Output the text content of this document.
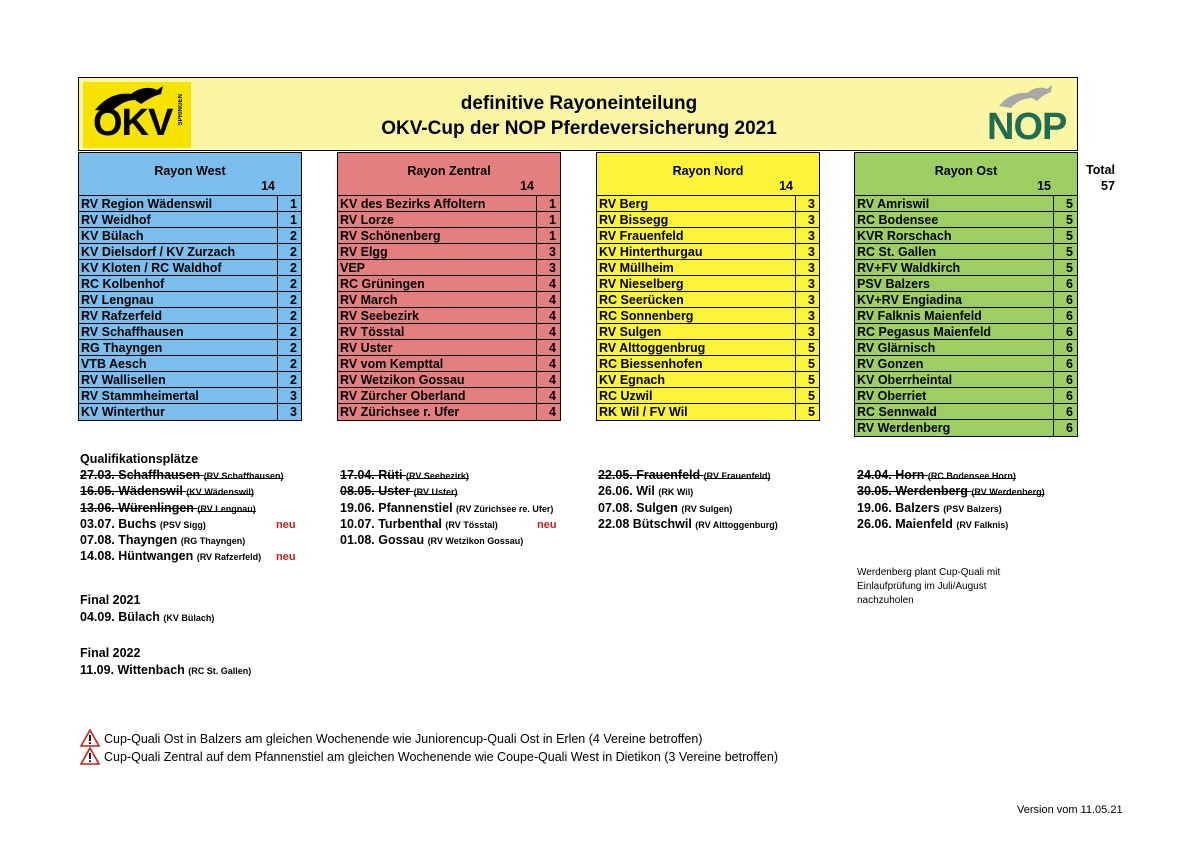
OKV SPRINGEN	definitive Rayoneinteilung
OKV-Cup der NOP Pferdeversicherung 2021	NOP
Rayon West
14
RV Region Wädenswil	1
RV Weidhof	1
KV Bülach	2
KV Dielsdorf / KV Zurzach	2
KV Kloten / RC Waldhof	2
RC Kolbenhof	2
RV Lengnau	2
RV Rafzerfeld	2
RV Schaffhausen	2
RG Thayngen	2
VTB Aesch	2
RV Wallisellen	2
RV Stammheimertal	3
KV Winterthur	3
Rayon Zentral
14
KV des Bezirks Affoltern	1
RV Lorze	1
RV Schönenberg	1
RV Elgg	3
VEP	3
RC Grüningen	4
RV March	4
RV Seebezirk	4
RV Tösstal	4
RV Uster	4
RV vom Kempttal	4
RV Wetzikon Gossau	4
RV Zürcher Oberland	4
RV Zürichsee r. Ufer	4
Rayon Nord
14
RV Berg	3
RV Bissegg	3
RV Frauenfeld	3
KV Hinterthurgau	3
RV Müllheim	3
RV Nieselberg	3
RC Seerücken	3
RC Sonnenberg	3
RV Sulgen	3
RV Alttoggenbrug	5
RC Biessenhofen	5
KV Egnach	5
RC Uzwil	5
RK Wil / FV Wil	5
Rayon Ost
15
RV Amriswil	5
RC Bodensee	5
KVR Rorschach	5
RC St. Gallen	5
RV+FV Waldkirch	5
PSV Balzers	6
KV+RV Engiadina	6
RV Falknis Maienfeld	6
RC Pegasus Maienfeld	6
RV Glärnisch	6
RV Gonzen	6
KV Oberrheintal	6
RV Oberriet	6
RC Sennwald	6
RV Werdenberg	6
Total
57
Qualifikationsplätze
27.03. Schaffhausen (RV Schaffhausen)
16.05. Wädenswil (KV Wädenswil)
13.06. Würenlingen (RV Lengnau)
03.07. Buchs (PSV Sigg)	neu
07.08. Thayngen (RG Thayngen)
14.08. Hüntwangen (RV Rafzerfeld) neu
17.04. Rüti (RV Seebezirk)
08.05. Uster (RV Uster)
19.06. Pfannenstiel (RV Zürichsee re. Ufer)
10.07. Turbenthal (RV Tösstal)	neu
01.08. Gossau (RV Wetzikon Gossau)
22.05. Frauenfeld (RV Frauenfeld)
26.06. Wil (RK Wil)
07.08. Sulgen (RV Sulgen)
22.08 Bütschwil (RV Alttoggenburg)
24.04. Horn (RC Bodensee Horn)
30.05. Werdenberg (RV Werdenberg)
19.06. Balzers (PSV Balzers)
26.06. Maienfeld (RV Falknis)
Werdenberg plant Cup-Quali mit
Einlaufprüfung im Juli/August
nachzuholen
Final 2021
04.09. Bülach (KV Bülach)
Final 2022
11.09. Wittenbach (RC St. Gallen)
Cup-Quali Ost in Balzers am gleichen Wochenende wie Juniorencup-Quali Ost in Erlen (4 Vereine betroffen)
Cup-Quali Zentral auf dem Pfannenstiel am gleichen Wochenende wie Coupe-Quali West in Dietikon (3 Vereine betroffen)
Version vom 11.05.21
